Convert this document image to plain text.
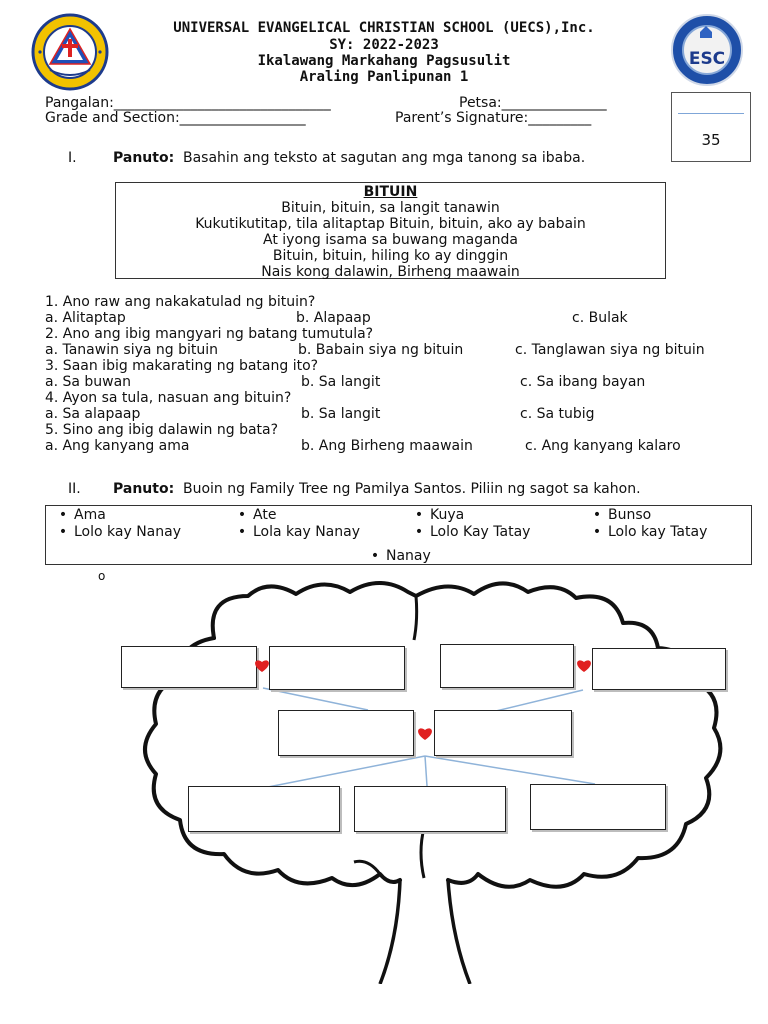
ESC
UNIVERSAL EVANGELICAL CHRISTIAN SCHOOL (UECS),Inc.
SY: 2022-2023
Ikalawang Markahang Pagsusulit
Araling Panlipunan 1
Pangalan:_______________________________	Petsa:_______________
Grade and Section:__________________	Parent’s Signature:_________
35
I.	Panuto: Basahin ang teksto at sagutan ang mga tanong sa ibaba.
BITUIN
Bituin, bituin, sa langit tanawin
Kukutikutitap, tila alitaptap Bituin, bituin, ako ay babain
At iyong isama sa buwang maganda
Bituin, bituin, hiling ko ay dinggin
Nais kong dalawin, Birheng maawain
1. Ano raw ang nakakatulad ng bituin?
a. Alitaptap	b. Alapaap	c. Bulak
2. Ano ang ibig mangyari ng batang tumutula?
a. Tanawin siya ng bituin	b. Babain siya ng bituin	c. Tanglawan siya ng bituin
3. Saan ibig makarating ng batang ito?
a. Sa buwan	b. Sa langit	c. Sa ibang bayan
4. Ayon sa tula, nasuan ang bituin?
a. Sa alapaap	b. Sa langit	c. Sa tubig
5. Sino ang ibig dalawin ng bata?
a. Ang kanyang ama	b. Ang Birheng maawain	c. Ang kanyang kalaro
II. Panuto: Buoin ng Family Tree ng Pamilya Santos. Piliin ng sagot sa kahon.
• Ama	• Ate	• Kuya	• Bunso
• Lolo kay Nanay	• Lola kay Nanay	• Lolo Kay Tatay	• Lolo kay Tatay
• Nanay
o
